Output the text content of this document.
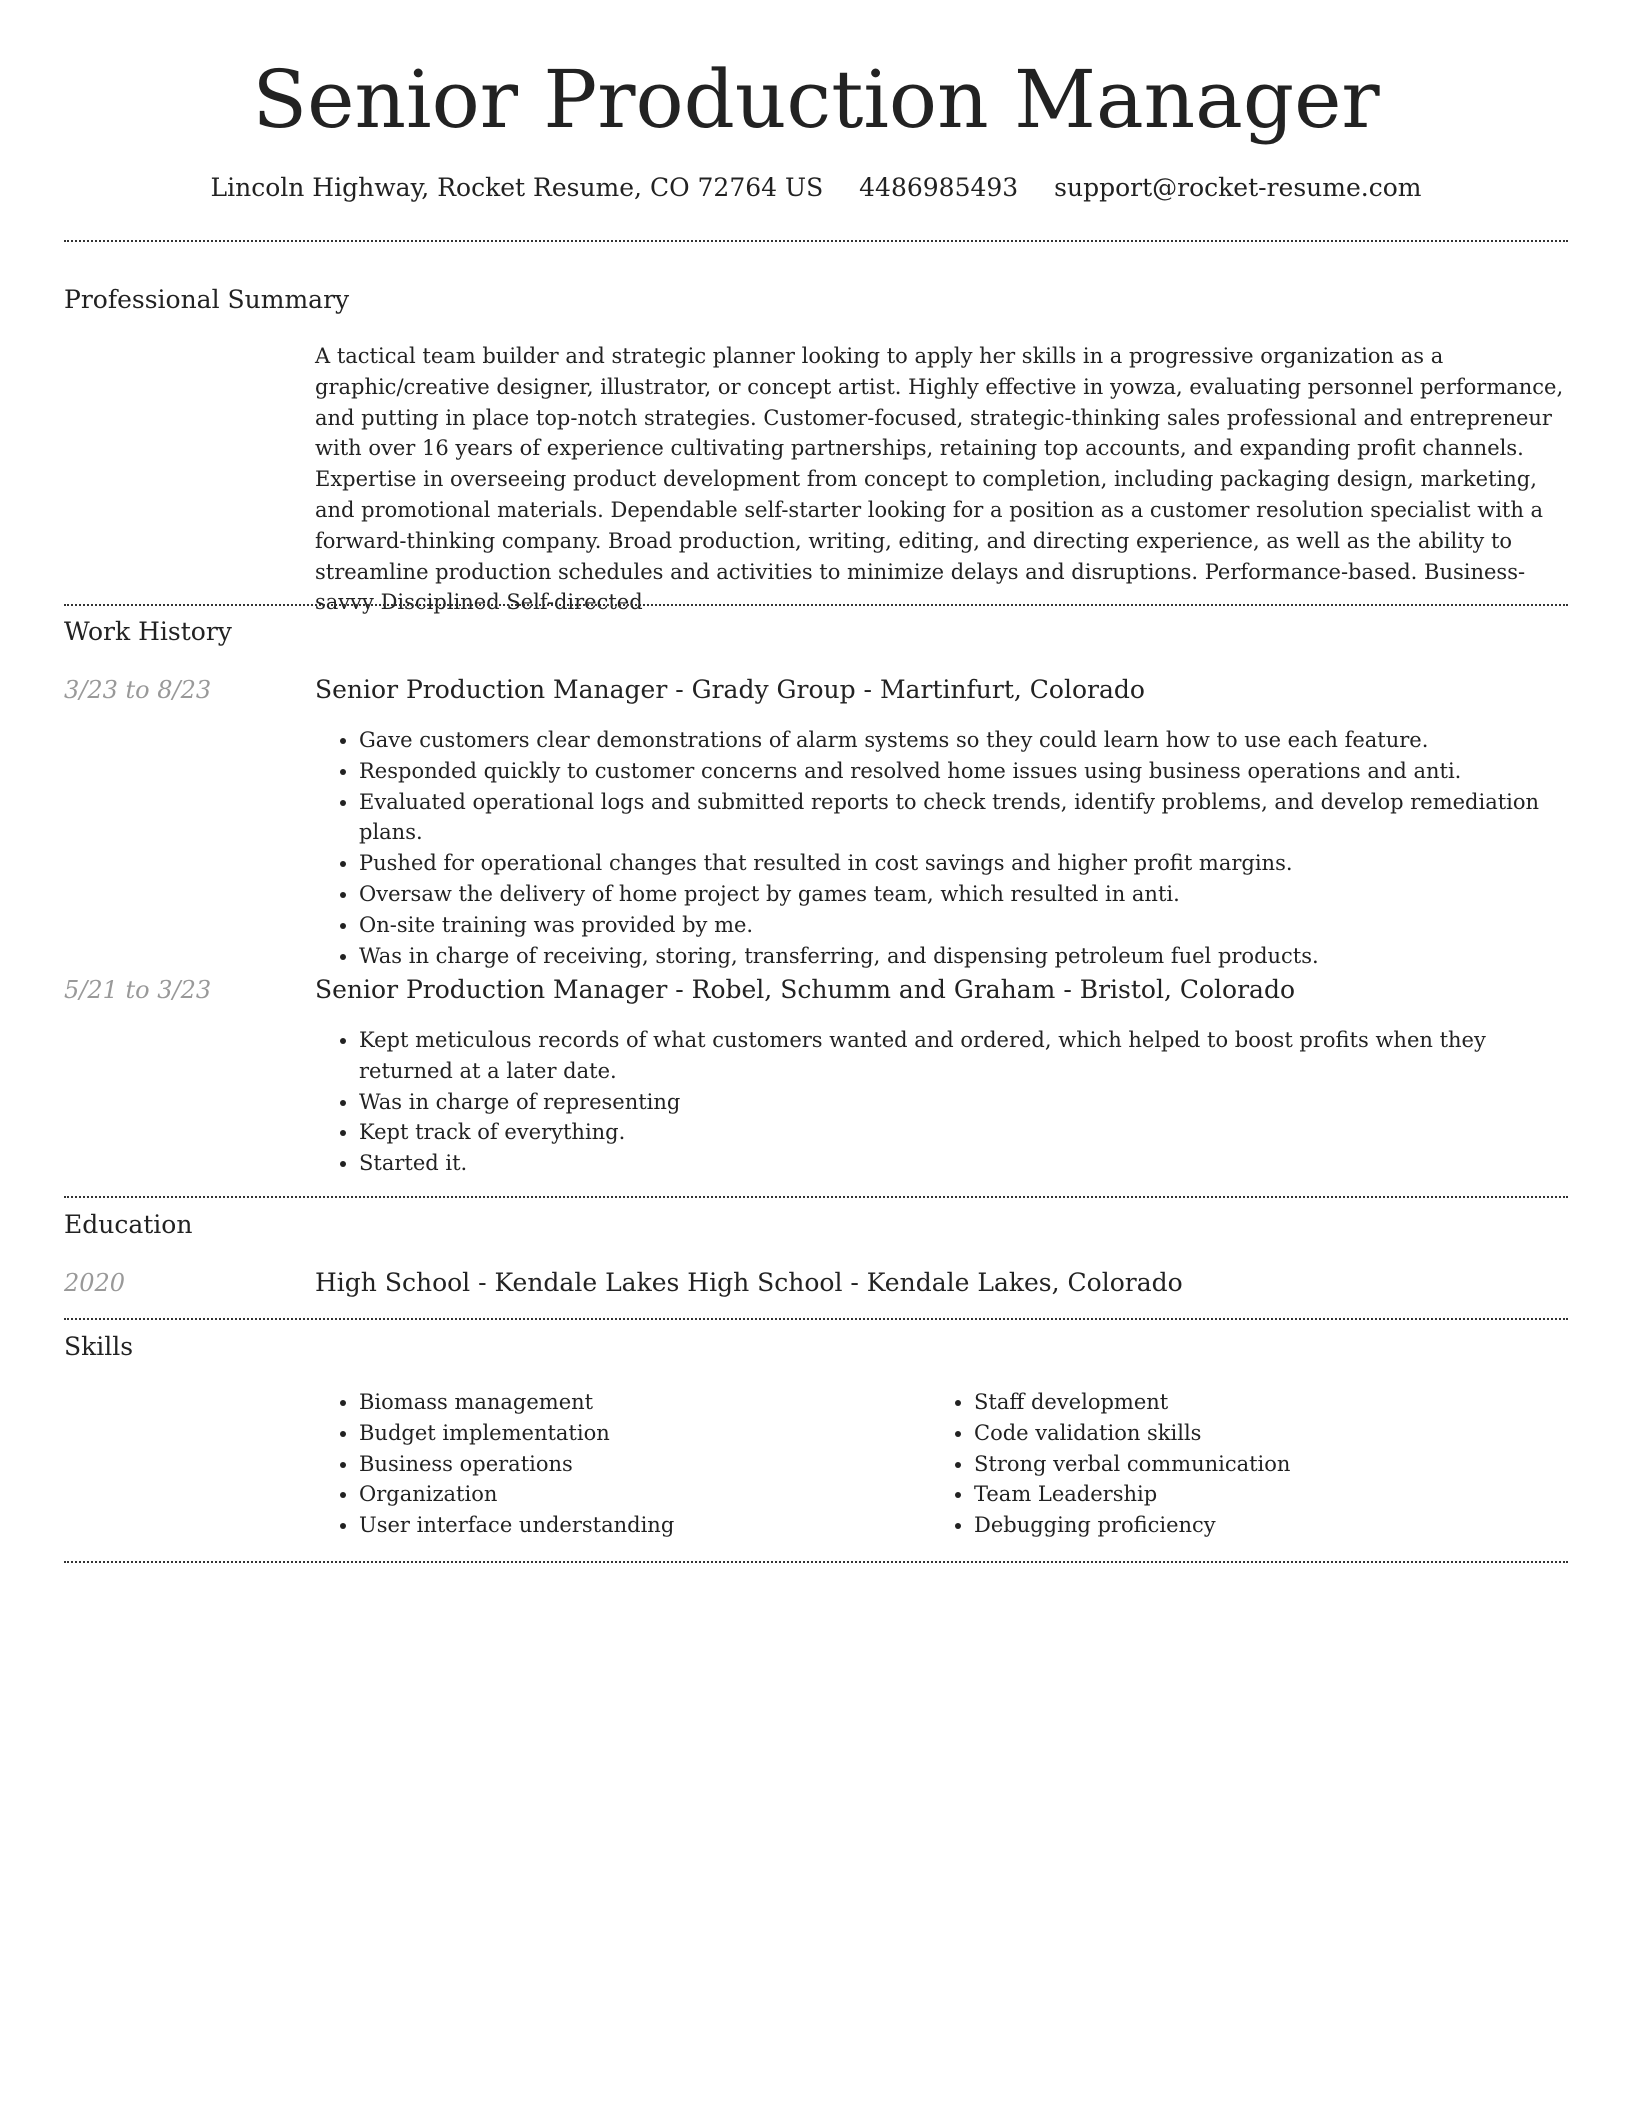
Senior Production Manager
Lincoln Highway, Rocket Resume, CO 72764 US 4486985493 support@rocket-resume.com
Professional Summary
A tactical team builder and strategic planner looking to apply her skills in a progressive organization as a graphic/creative designer, illustrator, or concept artist. Highly effective in yowza, evaluating personnel performance, and putting in place top-notch strategies. Customer-focused, strategic-thinking sales professional and entrepreneur with over 16 years of experience cultivating partnerships, retaining top accounts, and expanding profit channels. Expertise in overseeing product development from concept to completion, including packaging design, marketing, and promotional materials. Dependable self-starter looking for a position as a customer resolution specialist with a forward-thinking company. Broad production, writing, editing, and directing experience, as well as the ability to streamline production schedules and activities to minimize delays and disruptions. Performance-based. Business-savvy Disciplined Self-directed
Work History
3/23 to 8/23	Senior Production Manager - Grady Group - Martinfurt, Colorado
• Gave customers clear demonstrations of alarm systems so they could learn how to use each feature.
• Responded quickly to customer concerns and resolved home issues using business operations and anti.
• Evaluated operational logs and submitted reports to check trends, identify problems, and develop remediation plans.
• Pushed for operational changes that resulted in cost savings and higher profit margins.
• Oversaw the delivery of home project by games team, which resulted in anti.
• On-site training was provided by me.
• Was in charge of receiving, storing, transferring, and dispensing petroleum fuel products.
5/21 to 3/23	Senior Production Manager - Robel, Schumm and Graham - Bristol, Colorado
• Kept meticulous records of what customers wanted and ordered, which helped to boost profits when they returned at a later date.
• Was in charge of representing
• Kept track of everything.
• Started it.
Education
2020	High School - Kendale Lakes High School - Kendale Lakes, Colorado
Skills
• Biomass management
• Budget implementation
• Business operations
• Organization
• User interface understanding
• Staff development
• Code validation skills
• Strong verbal communication
• Team Leadership
• Debugging proficiency
